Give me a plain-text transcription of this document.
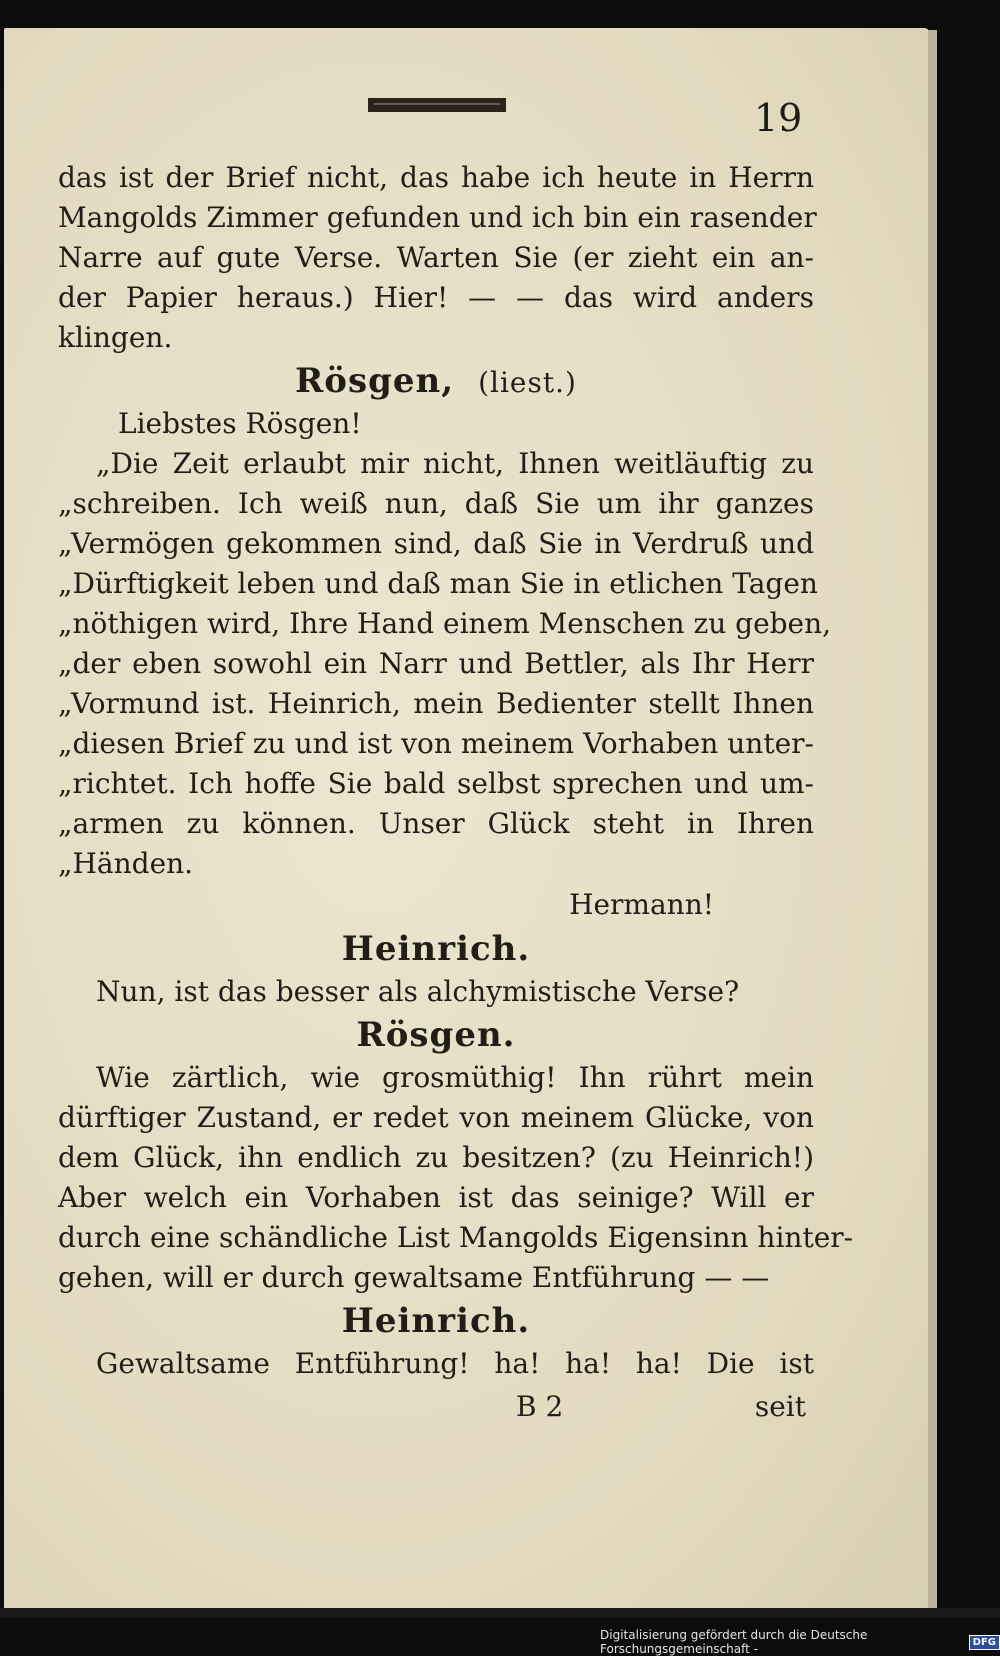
19
das ist der Brief nicht, das habe ich heute in Herrn
Mangolds Zimmer gefunden und ich bin ein rasender
Narre auf gute Verse. Warten Sie (er zieht ein an-
der Papier heraus.) Hier! — — das wird anders
klingen.
Rösgen, (liest.)
Liebstes Rösgen!
„Die Zeit erlaubt mir nicht, Ihnen weitläuftig zu
„schreiben. Ich weiß nun, daß Sie um ihr ganzes
„Vermögen gekommen sind, daß Sie in Verdruß und
„Dürftigkeit leben und daß man Sie in etlichen Tagen
„nöthigen wird, Ihre Hand einem Menschen zu geben,
„der eben sowohl ein Narr und Bettler, als Ihr Herr
„Vormund ist. Heinrich, mein Bedienter stellt Ihnen
„diesen Brief zu und ist von meinem Vorhaben unter-
„richtet. Ich hoffe Sie bald selbst sprechen und um-
„armen zu können. Unser Glück steht in Ihren
„Händen.
Hermann!
Heinrich.
Nun, ist das besser als alchymistische Verse?
Rösgen.
Wie zärtlich, wie grosmüthig! Ihn rührt mein
dürftiger Zustand, er redet von meinem Glücke, von
dem Glück, ihn endlich zu besitzen? (zu Heinrich!)
Aber welch ein Vorhaben ist das seinige? Will er
durch eine schändliche List Mangolds Eigensinn hinter-
gehen, will er durch gewaltsame Entführung — —
Heinrich.
Gewaltsame Entführung! ha! ha! ha! Die ist
B 2	seit
Digitalisierung gefördert durch die Deutsche Forschungsgemeinschaft -	DFG
